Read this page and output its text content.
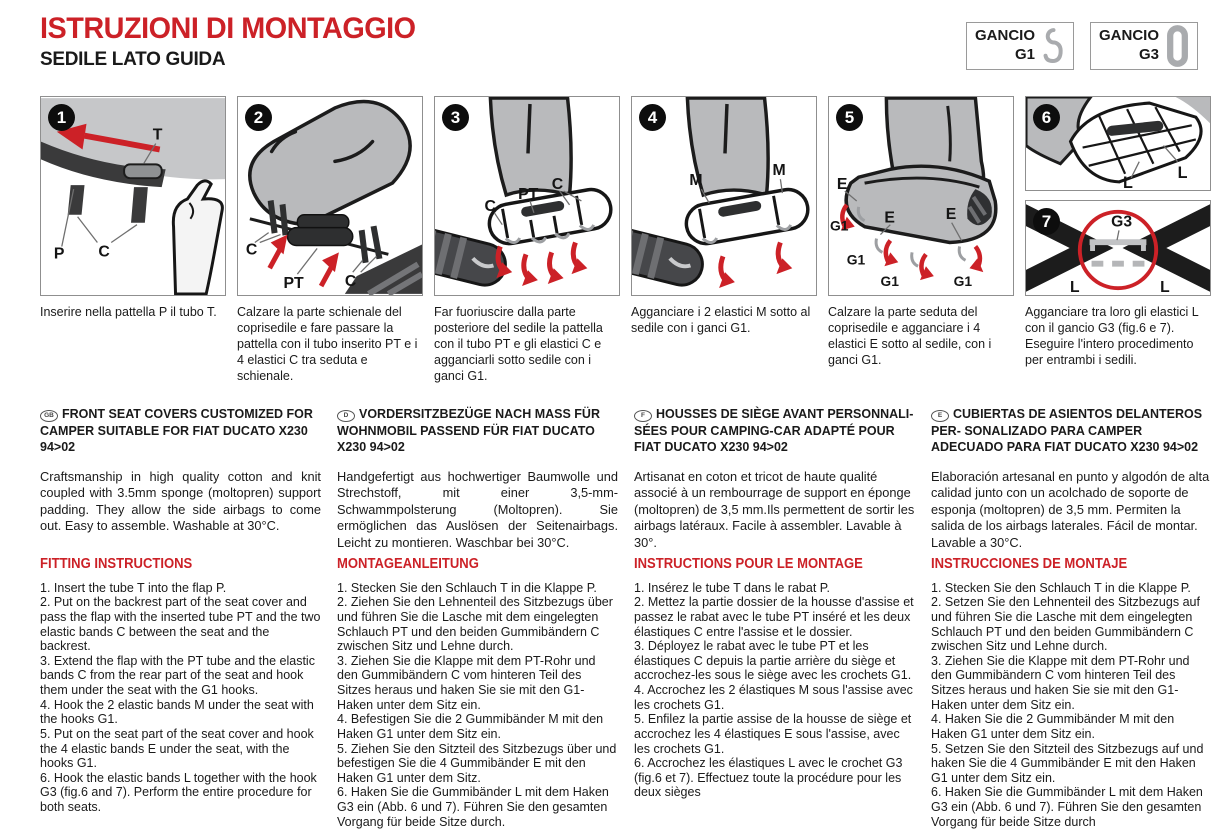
ISTRUZIONI DI MONTAGGIO
SEDILE LATO GUIDA
GANCIO
G1
GANCIO
G3
1
T
P C

Inserire nella pattella P il tubo T.

2
C
PT	C

Calzare la parte schienale del coprisedile e fare passare la pattella con il tubo inserito PT e i 4 elastici C tra seduta e schienale.

3
C
PT
C

Far fuoriuscire dalla parte posteriore del sedile la pattella con il tubo PT e gli elastici C e agganciarli sotto sedile con i ganci G1.

4
M
M

Agganciare i 2 elastici M sotto al sedile con i ganci G1.

5
E
G1
G1
E
G1
E
G1

Calzare la parte seduta del coprisedile e agganciare i 4 elastici E sotto al sedile, con i ganci G1.

6
L
L
7	G3
L	L

Agganciare tra loro gli elastici L con il gancio G3 (fig.6 e 7). Eseguire l'intero procedimento per entrambi i sedili.

GB FRONT SEAT COVERS CUSTOMIZED FOR CAMPER SUITABLE FOR FIAT DUCATO X230 94>02

Craftsmanship in high quality cotton and knit coupled with 3.5mm sponge (moltopren) support padding. They allow the side airbags to come out. Easy to assemble. Washable at 30°C.

D VORDERSITZBEZÜGE NACH MASS FÜR WOHNMOBIL PASSEND FÜR FIAT DUCATO X230 94>02

Handgefertigt aus hochwertiger Baumwolle und Strechstoff, mit einer 3,5-mm-Schwammpolsterung (Moltopren). Sie ermöglichen das Auslösen der Seitenairbags. Leicht zu montieren. Waschbar bei 30°C.

F HOUSSES DE SIÈGE AVANT PERSONNALI- SÉES POUR CAMPING-CAR ADAPTÉ POUR FIAT DUCATO X230 94>02

Artisanat en coton et tricot de haute qualité associé à un rembourrage de support en éponge (moltopren) de 3,5 mm.Ils permettent de sortir les airbags latéraux. Facile à assembler. Lavable à 30°.

E CUBIERTAS DE ASIENTOS DELANTEROS PER- SONALIZADO PARA CAMPER ADECUADO PARA FIAT DUCATO X230 94>02

Elaboración artesanal en punto y algodón de alta calidad junto con un acolchado de soporte de esponja (moltopren) de 3,5 mm. Permiten la salida de los airbags laterales. Fácil de montar. Lavable a 30°C.

FITTING INSTRUCTIONS

1. Insert the tube T into the flap P.

2. Put on the backrest part of the seat cover and pass the flap with the inserted tube PT and the two elastic bands C between the seat and the backrest.

3. Extend the flap with the PT tube and the elastic bands C from the rear part of the seat and hook them under the seat with the G1 hooks.

4. Hook the 2 elastic bands M under the seat with the hooks G1.

5. Put on the seat part of the seat cover and hook the 4 elastic bands E under the seat, with the hooks G1.

6. Hook the elastic bands L together with the hook G3 (fig.6 and 7). Perform the entire procedure for both seats.

MONTAGEANLEITUNG

1. Stecken Sie den Schlauch T in die Klappe P.

2. Ziehen Sie den Lehnenteil des Sitzbezugs über und führen Sie die Lasche mit dem eingelegten Schlauch PT und den beiden Gummibändern C zwischen Sitz und Lehne durch.

3. Ziehen Sie die Klappe mit dem PT-Rohr und den Gummibändern C vom hinteren Teil des Sitzes heraus und haken Sie sie mit den G1-Haken unter dem Sitz ein.

4. Befestigen Sie die 2 Gummibänder M mit den Haken G1 unter dem Sitz ein.

5. Ziehen Sie den Sitzteil des Sitzbezugs über und befestigen Sie die 4 Gummibänder E mit den Haken G1 unter dem Sitz.

6. Haken Sie die Gummibänder L mit dem Haken G3 ein (Abb. 6 und 7). Führen Sie den gesamten Vorgang für beide Sitze durch.

INSTRUCTIONS POUR LE MONTAGE

1. Insérez le tube T dans le rabat P.

2. Mettez la partie dossier de la housse d'assise et passez le rabat avec le tube PT inséré et les deux élastiques C entre l'assise et le dossier.

3. Déployez le rabat avec le tube PT et les élastiques C depuis la partie arrière du siège et accrochez-les sous le siège avec les crochets G1.

4. Accrochez les 2 élastiques M sous l'assise avec les crochets G1.

5. Enfilez la partie assise de la housse de siège et accrochez les 4 élastiques E sous l'assise, avec les crochets G1.

6. Accrochez les élastiques L avec le crochet G3 (fig.6 et 7). Effectuez toute la procédure pour les deux sièges

INSTRUCCIONES DE MONTAJE

1. Stecken Sie den Schlauch T in die Klappe P.

2. Setzen Sie den Lehnenteil des Sitzbezugs auf und führen Sie die Lasche mit dem eingelegten Schlauch PT und den beiden Gummibändern C zwischen Sitz und Lehne durch.

3. Ziehen Sie die Klappe mit dem PT-Rohr und den Gummibändern C vom hinteren Teil des Sitzes heraus und haken Sie sie mit den G1-Haken unter dem Sitz ein.

4. Haken Sie die 2 Gummibänder M mit den Haken G1 unter dem Sitz ein.

5. Setzen Sie den Sitzteil des Sitzbezugs auf und haken Sie die 4 Gummibänder E mit den Haken G1 unter dem Sitz ein.

6. Haken Sie die Gummibänder L mit dem Haken G3 ein (Abb. 6 und 7). Führen Sie den gesamten Vorgang für beide Sitze durch
